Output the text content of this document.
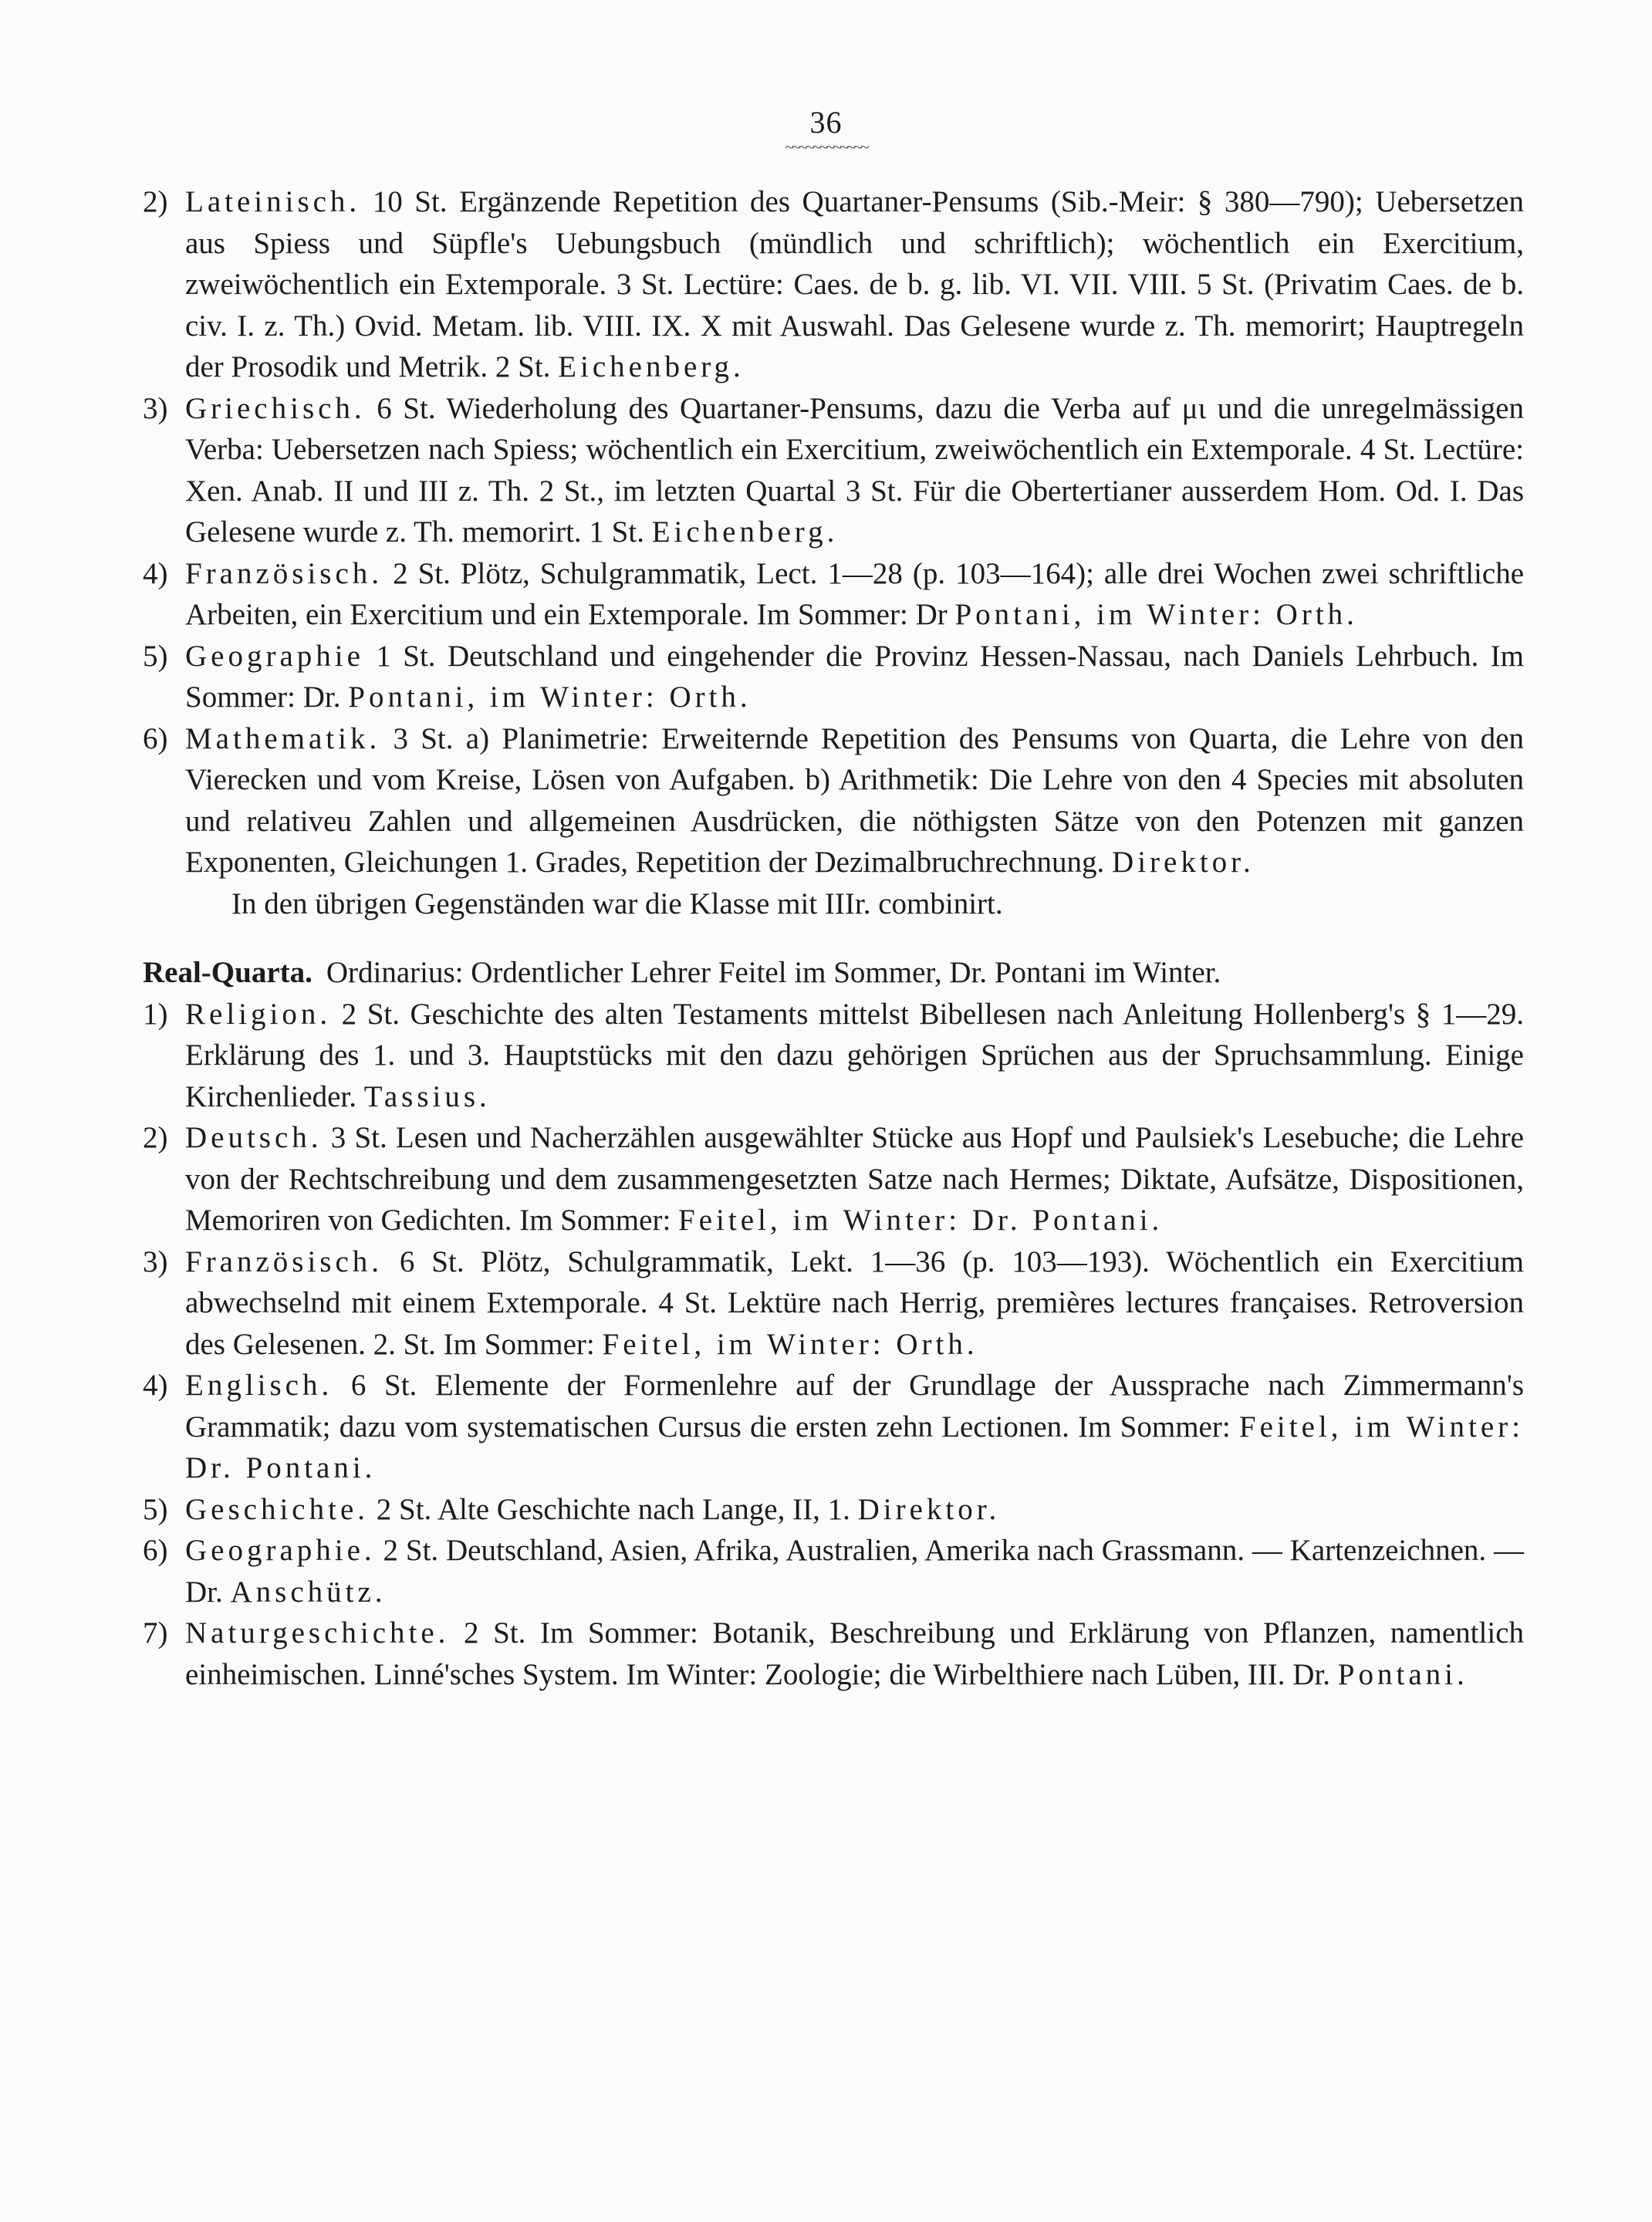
36
~~~~~~~~~~~~

2) Lateinisch. 10 St. Ergänzende Repetition des Quartaner-Pensums (Sib.-Meir: § 380—790); Uebersetzen aus Spiess und Süpfle's Uebungsbuch (mündlich und schriftlich); wöchentlich ein Exercitium, zweiwöchentlich ein Extemporale. 3 St. Lectüre: Caes. de b. g. lib. VI. VII. VIII. 5 St. (Privatim Caes. de b. civ. I. z. Th.) Ovid. Metam. lib. VIII. IX. X mit Auswahl. Das Gelesene wurde z. Th. memorirt; Hauptregeln der Prosodik und Metrik. 2 St. Eichenberg.

3) Griechisch. 6 St. Wiederholung des Quartaner-Pensums, dazu die Verba auf μι und die unregelmässigen Verba: Uebersetzen nach Spiess; wöchentlich ein Exercitium, zweiwöchentlich ein Extemporale. 4 St. Lectüre: Xen. Anab. II und III z. Th. 2 St., im letzten Quartal 3 St. Für die Obertertianer ausserdem Hom. Od. I. Das Gelesene wurde z. Th. memorirt. 1 St. Eichenberg.

4) Französisch. 2 St. Plötz, Schulgrammatik, Lect. 1—28 (p. 103—164); alle drei Wochen zwei schriftliche Arbeiten, ein Exercitium und ein Extemporale. Im Sommer: Dr Pontani, im Winter: Orth.

5) Geographie 1 St. Deutschland und eingehender die Provinz Hessen-Nassau, nach Daniels Lehrbuch. Im Sommer: Dr. Pontani, im Winter: Orth.

6) Mathematik. 3 St. a) Planimetrie: Erweiternde Repetition des Pensums von Quarta, die Lehre von den Vierecken und vom Kreise, Lösen von Aufgaben. b) Arithmetik: Die Lehre von den 4 Species mit absoluten und relativeu Zahlen und allgemeinen Ausdrücken, die nöthigsten Sätze von den Potenzen mit ganzen Exponenten, Gleichungen 1. Grades, Repetition der Dezimalbruchrechnung. Direktor.

In den übrigen Gegenständen war die Klasse mit IIIr. combinirt.

Real-Quarta. Ordinarius: Ordentlicher Lehrer Feitel im Sommer, Dr. Pontani im Winter.

1) Religion. 2 St. Geschichte des alten Testaments mittelst Bibellesen nach Anleitung Hollenberg's § 1—29. Erklärung des 1. und 3. Hauptstücks mit den dazu gehörigen Sprüchen aus der Spruchsammlung. Einige Kirchenlieder. Tassius.

2) Deutsch. 3 St. Lesen und Nacherzählen ausgewählter Stücke aus Hopf und Paulsiek's Lesebuche; die Lehre von der Rechtschreibung und dem zusammengesetzten Satze nach Hermes; Diktate, Aufsätze, Dispositionen, Memoriren von Gedichten. Im Sommer: Feitel, im Winter: Dr. Pontani.

3) Französisch. 6 St. Plötz, Schulgrammatik, Lekt. 1—36 (p. 103—193). Wöchentlich ein Exercitium abwechselnd mit einem Extemporale. 4 St. Lektüre nach Herrig, premières lectures françaises. Retroversion des Gelesenen. 2. St. Im Sommer: Feitel, im Winter: Orth.

4) Englisch. 6 St. Elemente der Formenlehre auf der Grundlage der Aussprache nach Zimmermann's Grammatik; dazu vom systematischen Cursus die ersten zehn Lectionen. Im Sommer: Feitel, im Winter: Dr. Pontani.

5) Geschichte. 2 St. Alte Geschichte nach Lange, II, 1. Direktor.

6) Geographie. 2 St. Deutschland, Asien, Afrika, Australien, Amerika nach Grassmann. — Kartenzeichnen. — Dr. Anschütz.

7) Naturgeschichte. 2 St. Im Sommer: Botanik, Beschreibung und Erklärung von Pflanzen, namentlich einheimischen. Linné'sches System. Im Winter: Zoologie; die Wirbelthiere nach Lüben, III. Dr. Pontani.
